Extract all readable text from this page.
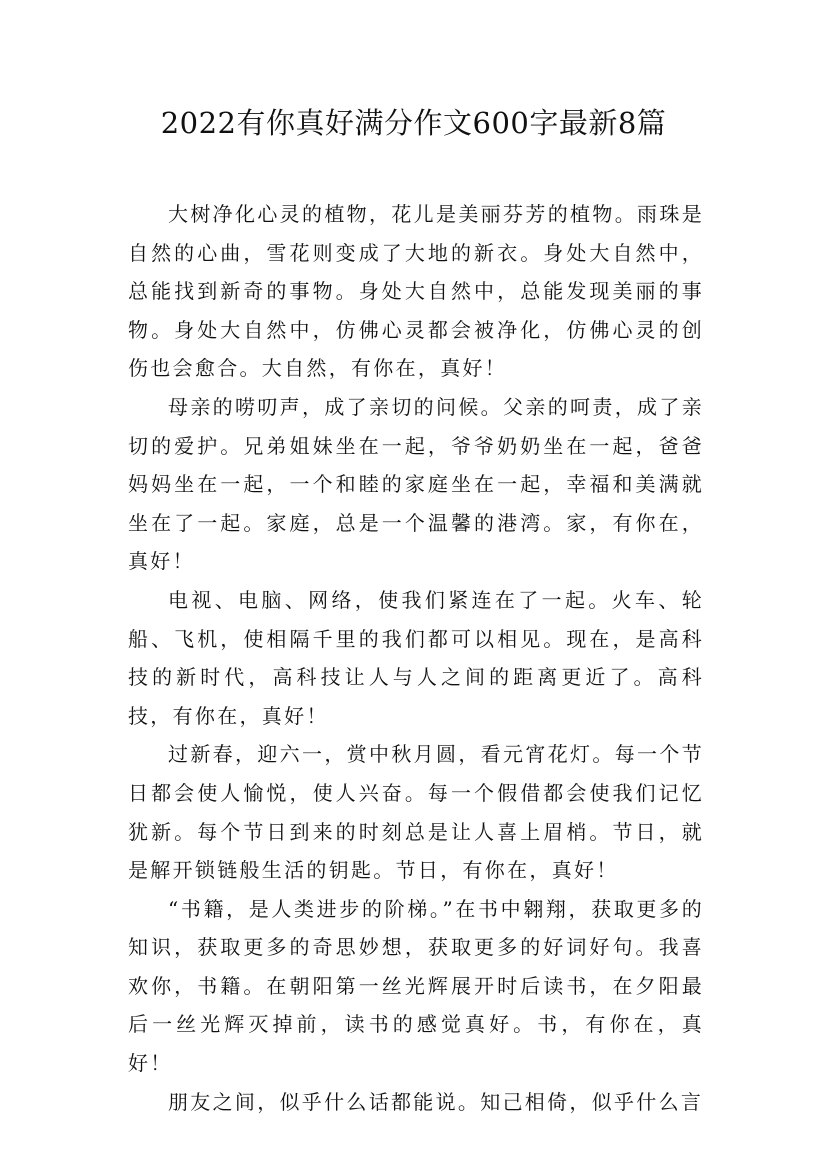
2022有你真好满分作文600字最新8篇

大树净化心灵的植物，花儿是美丽芬芳的植物。雨珠是自然的心曲，雪花则变成了大地的新衣。身处大自然中，总能找到新奇的事物。身处大自然中，总能发现美丽的事物。身处大自然中，仿佛心灵都会被净化，仿佛心灵的创伤也会愈合。大自然，有你在，真好！

母亲的唠叨声，成了亲切的问候。父亲的呵责，成了亲切的爱护。兄弟姐妹坐在一起，爷爷奶奶坐在一起，爸爸妈妈坐在一起，一个和睦的家庭坐在一起，幸福和美满就坐在了一起。家庭，总是一个温馨的港湾。家，有你在，真好！

电视、电脑、网络，使我们紧连在了一起。火车、轮船、飞机，使相隔千里的我们都可以相见。现在，是高科技的新时代，高科技让人与人之间的距离更近了。高科技，有你在，真好！

过新春，迎六一，赏中秋月圆，看元宵花灯。每一个节日都会使人愉悦，使人兴奋。每一个假借都会使我们记忆犹新。每个节日到来的时刻总是让人喜上眉梢。节日，就是解开锁链般生活的钥匙。节日，有你在，真好！

“书籍，是人类进步的阶梯。”在书中翱翔，获取更多的知识，获取更多的奇思妙想，获取更多的好词好句。我喜欢你，书籍。在朝阳第一丝光辉展开时后读书，在夕阳最后一丝光辉灭掉前，读书的感觉真好。书，有你在，真好！

朋友之间，似乎什么话都能说。知己相倚，似乎什么言
